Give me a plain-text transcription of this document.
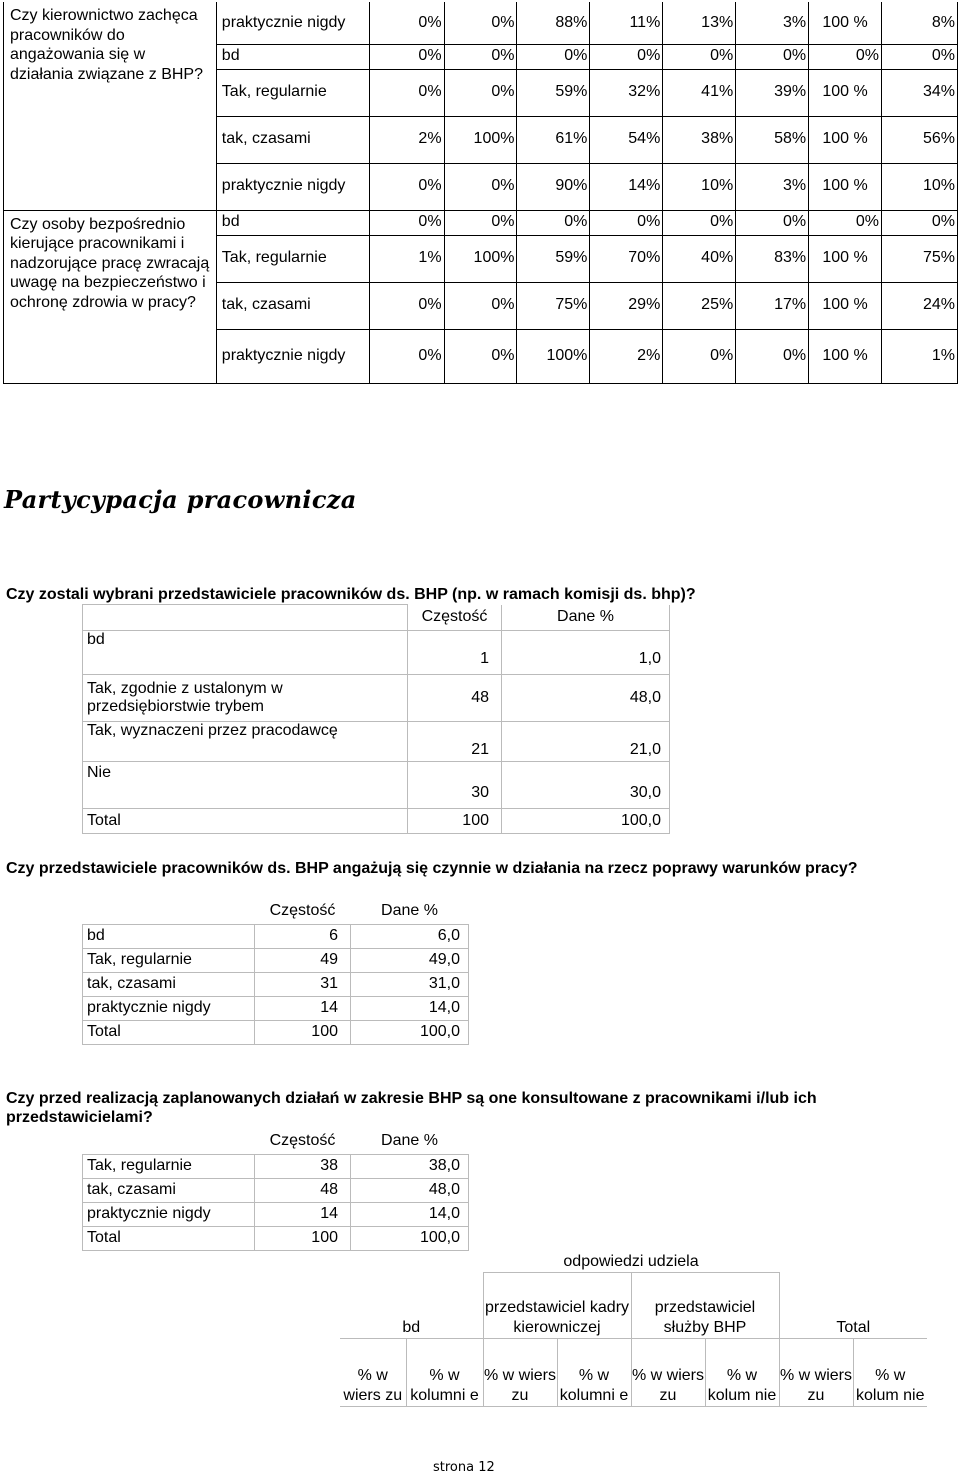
Czy kierownictwo zachęca pracowników do angażowania się w działania związane z BHP?	praktycznie nigdy	0%	0%	88%	11%	13%	3%	100 %	8%
	bd	0%	0%	0%	0%	0%	0%	0%	0%
	Tak, regularnie	0%	0%	59%	32%	41%	39%	100 %	34%
	tak, czasami	2%	100%	61%	54%	38%	58%	100 %	56%
	praktycznie nigdy	0%	0%	90%	14%	10%	3%	100 %	10%
Czy osoby bezpośrednio kierujące pracownikami i nadzorujące pracę zwracają uwagę na bezpieczeństwo i ochronę zdrowia w pracy?	bd	0%	0%	0%	0%	0%	0%	0%	0%
	Tak, regularnie	1%	100%	59%	70%	40%	83%	100 %	75%
	tak, czasami	0%	0%	75%	29%	25%	17%	100 %	24%
	praktycznie nigdy	0%	0%	100%	2%	0%	0%	100 %	1%
Partycypacja pracownicza
Czy zostali wybrani przedstawiciele pracowników ds. BHP (np. w ramach komisji ds. bhp)?
	Częstość	Dane %
bd	1	1,0
Tak, zgodnie z ustalonym w przedsiębiorstwie trybem	48	48,0
Tak, wyznaczeni przez pracodawcę	21	21,0
Nie	30	30,0
Total	100	100,0
Czy przedstawiciele pracowników ds. BHP angażują się czynnie w działania na rzecz poprawy warunków pracy?
	Częstość	Dane %
bd	6	6,0
Tak, regularnie	49	49,0
tak, czasami	31	31,0
praktycznie nigdy	14	14,0
Total	100	100,0
Czy przed realizacją zaplanowanych działań w zakresie BHP są one konsultowane z pracownikami i/lub ich przedstawicielami?
	Częstość	Dane %
Tak, regularnie	38	38,0
tak, czasami	48	48,0
praktycznie nigdy	14	14,0
Total	100	100,0
		odpowiedzi udziela					
bd		przedstawiciel kadry kierowniczej		przedstawiciel służby BHP		Total	
% w wiers zu	% w kolumni e	% w wiers zu	% w kolumni e	% w wiers zu	% w kolum nie	% w wiers zu	% w kolum nie
strona 12
